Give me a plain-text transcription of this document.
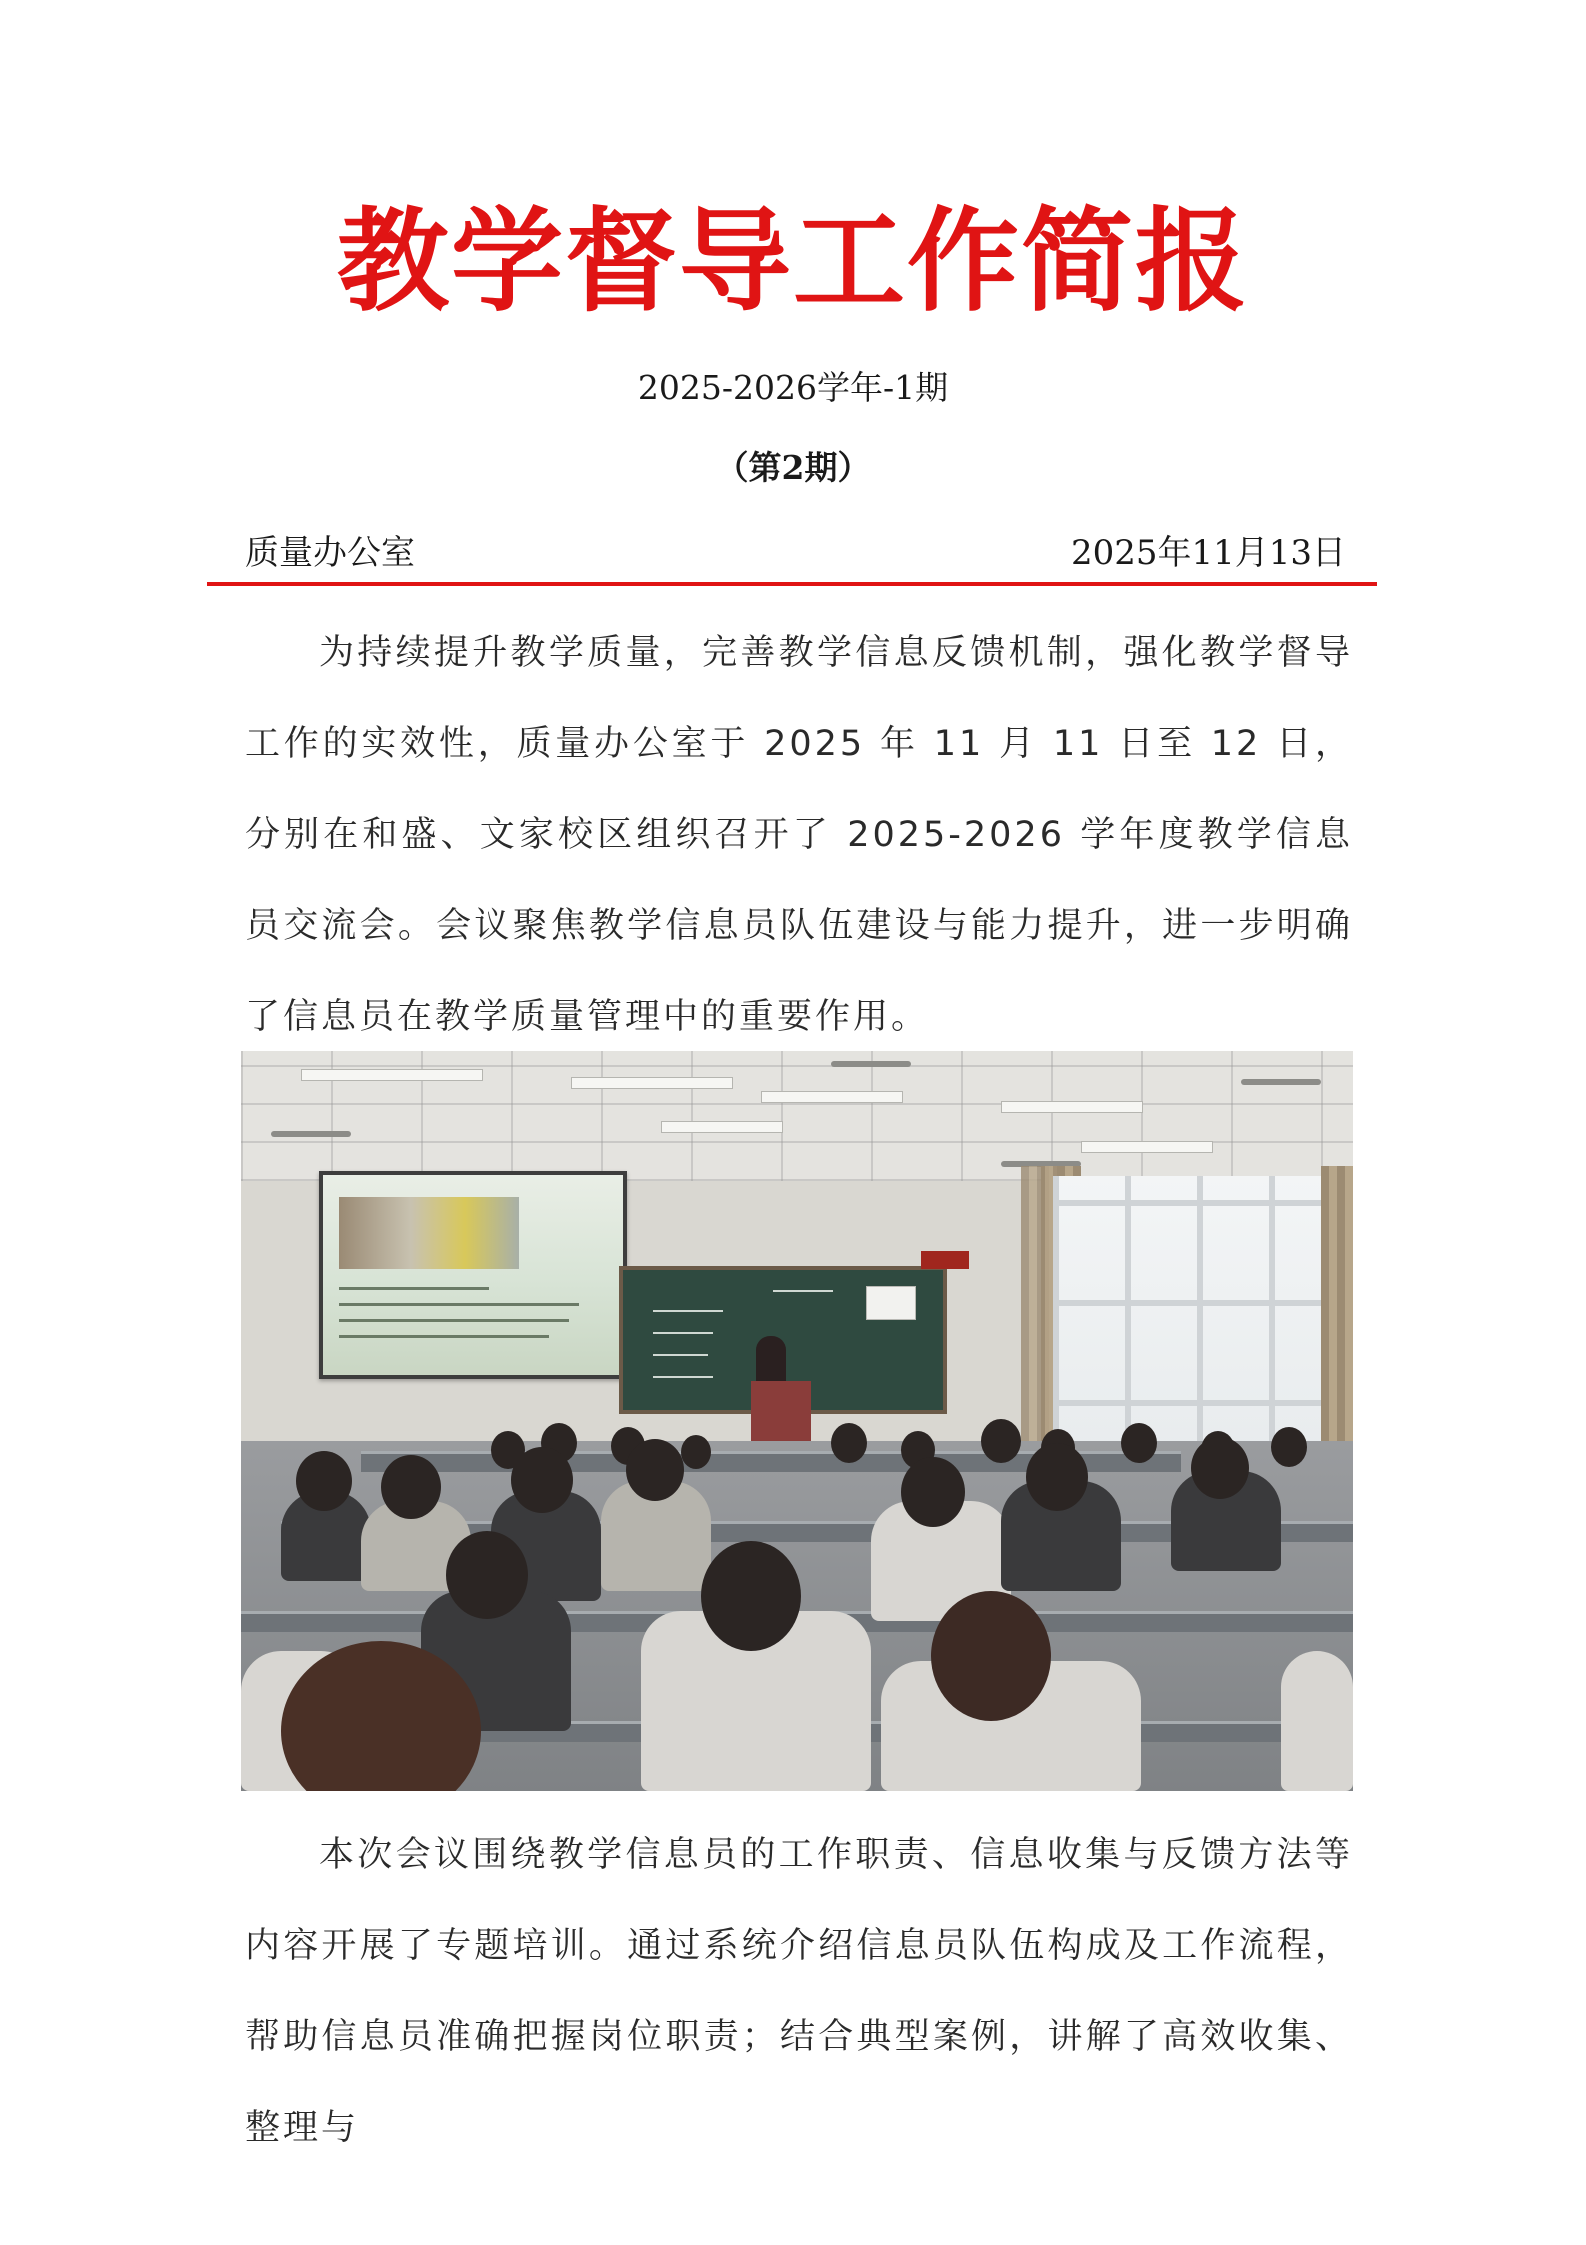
教学督导工作简报
2025-2026学年-1期
（第2期）
质量办公室	2025年11月13日

为持续提升教学质量，完善教学信息反馈机制，强化教学督导工作的实效性，质量办公室于 2025 年 11 月 11 日至 12 日，分别在和盛、文家校区组织召开了 2025-2026 学年度教学信息员交流会。会议聚焦教学信息员队伍建设与能力提升，进一步明确了信息员在教学质量管理中的重要作用。

本次会议围绕教学信息员的工作职责、信息收集与反馈方法等内容开展了专题培训。通过系统介绍信息员队伍构成及工作流程，帮助信息员准确把握岗位职责；结合典型案例，讲解了高效收集、整理与
